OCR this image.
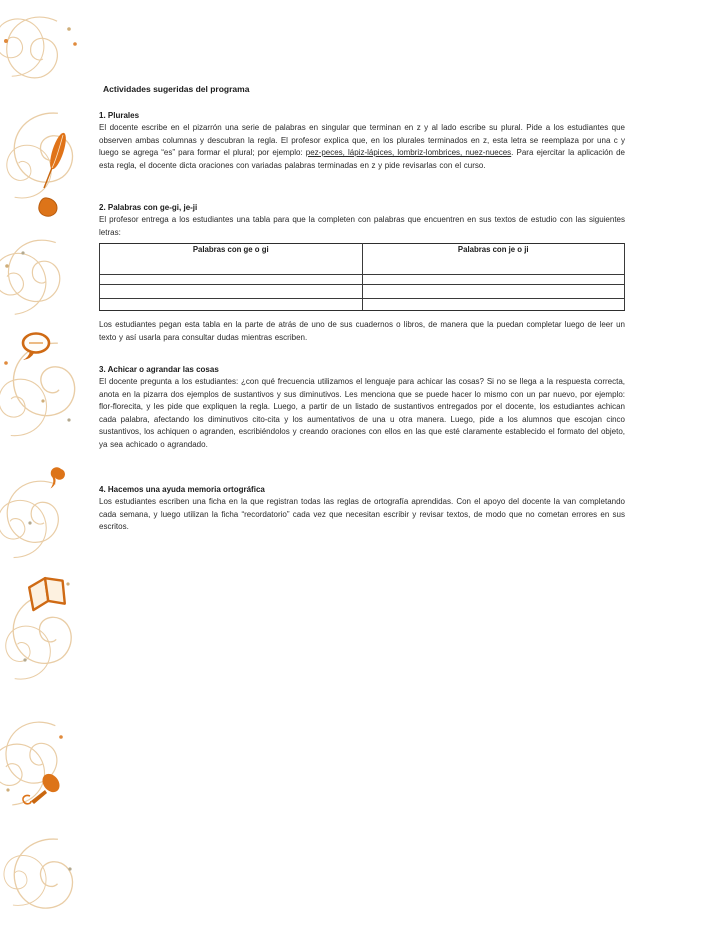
Actividades sugeridas del programa
1. Plurales

El docente escribe en el pizarrón una serie de palabras en singular que terminan en z y al lado escribe su plural. Pide a los estudiantes que observen ambas columnas y descubran la regla. El profesor explica que, en los plurales terminados en z, esta letra se reemplaza por una c y luego se agrega “es” para formar el plural; por ejemplo: pez-peces, lápiz-lápices, lombriz-lombrices, nuez-nueces. Para ejercitar la aplicación de esta regla, el docente dicta oraciones con variadas palabras terminadas en z y pide revisarlas con el curso.

2. Palabras con ge-gi, je-ji

El profesor entrega a los estudiantes una tabla para que la completen con palabras que encuentren en sus textos de estudio con las siguientes letras:

Palabras con ge o gi	Palabras con je o ji

Los estudiantes pegan esta tabla en la parte de atrás de uno de sus cuadernos o libros, de manera que la puedan completar luego de leer un texto y así usarla para consultar dudas mientras escriben.

3. Achicar o agrandar las cosas

El docente pregunta a los estudiantes: ¿con qué frecuencia utilizamos el lenguaje para achicar las cosas? Si no se llega a la respuesta correcta, anota en la pizarra dos ejemplos de sustantivos y sus diminutivos. Les menciona que se puede hacer lo mismo con un par nuevo, por ejemplo: flor-florecita, y les pide que expliquen la regla. Luego, a partir de un listado de sustantivos entregados por el docente, los estudiantes achican cada palabra, afectando los diminutivos cito-cita y los aumentativos de una u otra manera. Luego, pide a los alumnos que escojan cinco sustantivos, los achiquen o agranden, escribiéndolos y creando oraciones con ellos en las que esté claramente establecido el formato del objeto, ya sea achicado o agrandado.

4. Hacemos una ayuda memoria ortográfica

Los estudiantes escriben una ficha en la que registran todas las reglas de ortografía aprendidas. Con el apoyo del docente la van completando cada semana, y luego utilizan la ficha “recordatorio” cada vez que necesitan escribir y revisar textos, de modo que no cometan errores en sus escritos.
